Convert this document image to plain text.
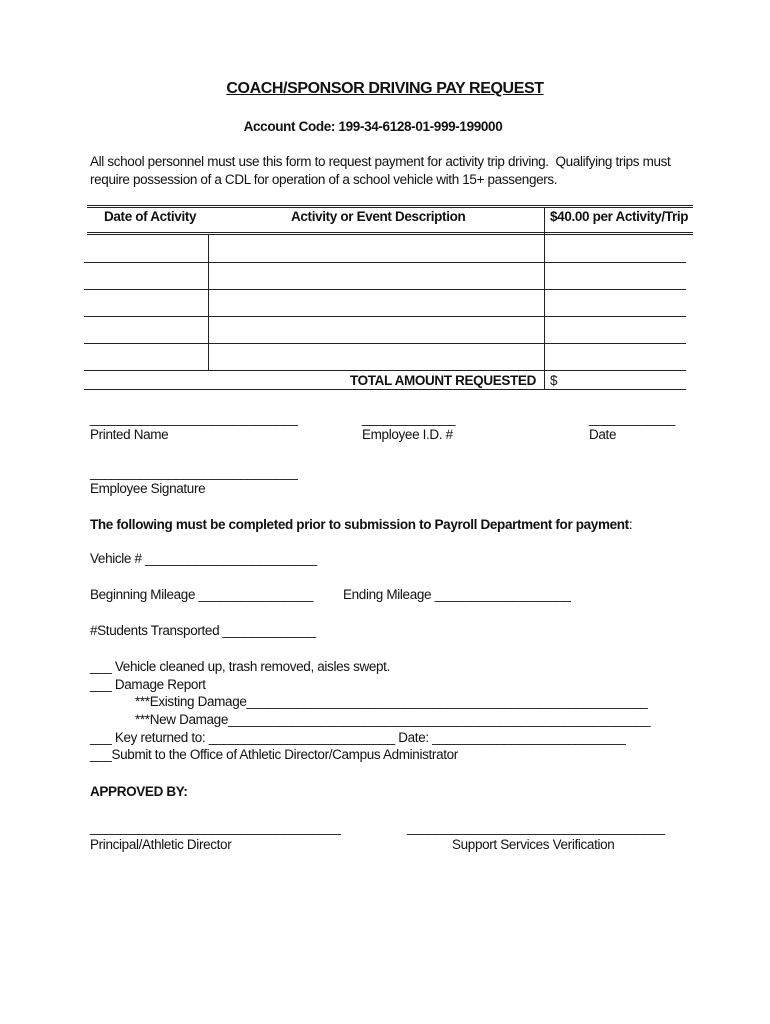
COACH/SPONSOR DRIVING PAY REQUEST
Account Code: 199-34-6128-01-999-199000
All school personnel must use this form to request payment for activity trip driving.  Qualifying trips must
require possession of a CDL for operation of a school vehicle with 15+ passengers.
Date of Activity	Activity or Event Description	$40.00 per Activity/Trip
TOTAL AMOUNT REQUESTED $
_____________________________
Printed Name
_____________
Employee I.D. #
____________
Date
_____________________________
Employee Signature
The following must be completed prior to submission to Payroll Department for payment:
Vehicle # ________________________
Beginning Mileage ________________ Ending Mileage ___________________
#Students Transported _____________
___ Vehicle cleaned up, trash removed, aisles swept.
___ Damage Report
***Existing Damage________________________________________________________
***New Damage___________________________________________________________
___ Key returned to: __________________________ Date: ___________________________
___Submit to the Office of Athletic Director/Campus Administrator
APPROVED BY:
___________________________________
Principal/Athletic Director
____________________________________
Support Services Verification
